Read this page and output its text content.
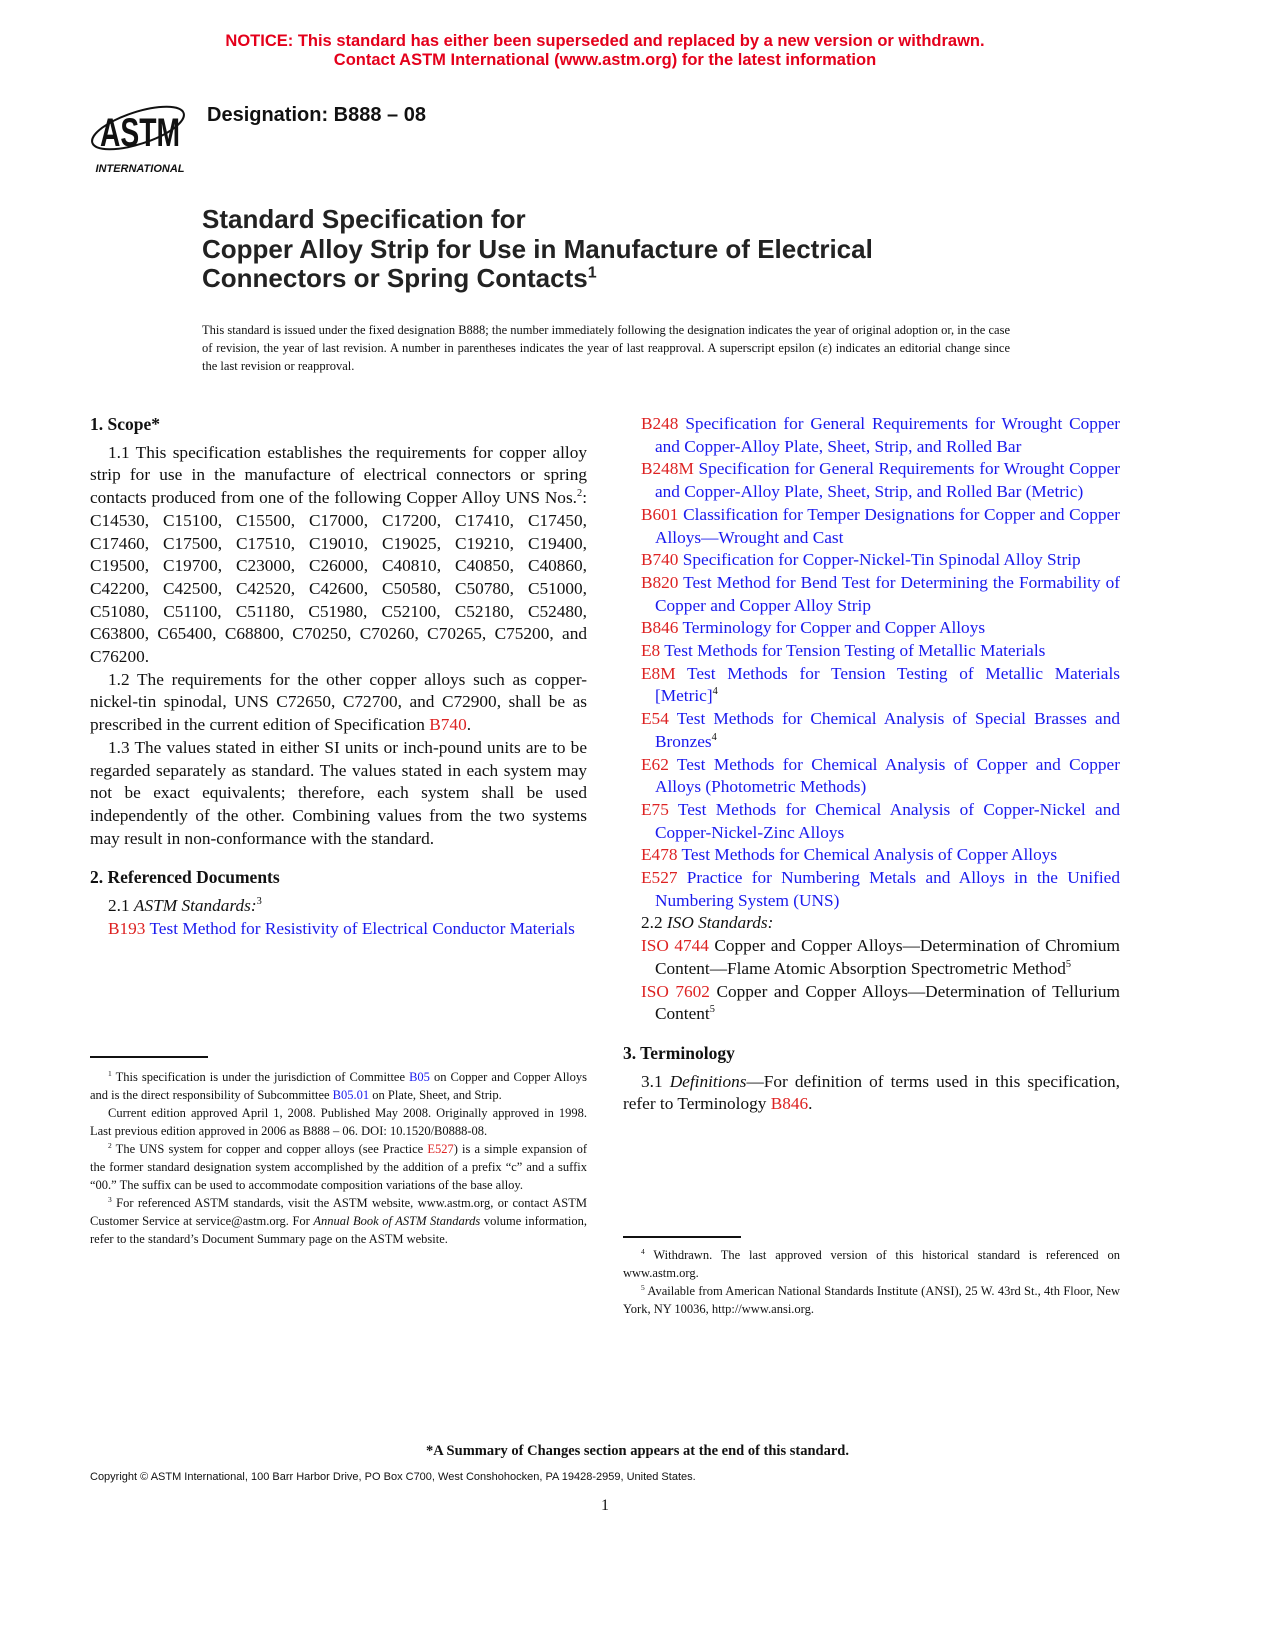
NOTICE: This standard has either been superseded and replaced by a new version or withdrawn.
Contact ASTM International (www.astm.org) for the latest information
ASTM
INTERNATIONAL
Designation: B888 – 08
Standard Specification for
Copper Alloy Strip for Use in Manufacture of Electrical
Connectors or Spring Contacts$^1$
This standard is issued under the fixed designation B888; the number immediately following the designation indicates the year of original adoption or, in the case of revision, the year of last revision. A number in parentheses indicates the year of last reapproval. A superscript epsilon (ε) indicates an editorial change since the last revision or reapproval.
1. Scope*

1.1 This specification establishes the requirements for copper alloy strip for use in the manufacture of electrical connectors or spring contacts produced from one of the following Copper Alloy UNS Nos.$^2$: C14530, C15100, C15500, C17000, C17200, C17410, C17450, C17460, C17500, C17510, C19010, C19025, C19210, C19400, C19500, C19700, C23000, C26000, C40810, C40850, C40860, C42200, C42500, C42520, C42600, C50580, C50780, C51000, C51080, C51100, C51180, C51980, C52100, C52180, C52480, C63800, C65400, C68800, C70250, C70260, C70265, C75200, and C76200.

1.2 The requirements for the other copper alloys such as copper-nickel-tin spinodal, UNS C72650, C72700, and C72900, shall be as prescribed in the current edition of Specification B740.

1.3 The values stated in either SI units or inch-pound units are to be regarded separately as standard. The values stated in each system may not be exact equivalents; therefore, each system shall be used independently of the other. Combining values from the two systems may result in non-conformance with the standard.

2. Referenced Documents

2.1 ASTM Standards:$^3$

B193 Test Method for Resistivity of Electrical Conductor Materials

B248 Specification for General Requirements for Wrought Copper and Copper-Alloy Plate, Sheet, Strip, and Rolled Bar

B248M Specification for General Requirements for Wrought Copper and Copper-Alloy Plate, Sheet, Strip, and Rolled Bar (Metric)

B601 Classification for Temper Designations for Copper and Copper Alloys—Wrought and Cast

B740 Specification for Copper-Nickel-Tin Spinodal Alloy Strip

B820 Test Method for Bend Test for Determining the Formability of Copper and Copper Alloy Strip

B846 Terminology for Copper and Copper Alloys

E8 Test Methods for Tension Testing of Metallic Materials

E8M Test Methods for Tension Testing of Metallic Materials [Metric]$^4$

E54 Test Methods for Chemical Analysis of Special Brasses and Bronzes$^4$

E62 Test Methods for Chemical Analysis of Copper and Copper Alloys (Photometric Methods)

E75 Test Methods for Chemical Analysis of Copper-Nickel and Copper-Nickel-Zinc Alloys

E478 Test Methods for Chemical Analysis of Copper Alloys

E527 Practice for Numbering Metals and Alloys in the Unified Numbering System (UNS)

2.2 ISO Standards:

ISO 4744 Copper and Copper Alloys—Determination of Chromium Content—Flame Atomic Absorption Spectrometric Method$^5$

ISO 7602 Copper and Copper Alloys—Determination of Tellurium Content$^5$

3. Terminology

3.1 Definitions—For definition of terms used in this specification, refer to Terminology B846.

$^1$ This specification is under the jurisdiction of Committee B05 on Copper and Copper Alloys and is the direct responsibility of Subcommittee B05.01 on Plate, Sheet, and Strip.

Current edition approved April 1, 2008. Published May 2008. Originally approved in 1998. Last previous edition approved in 2006 as B888 – 06. DOI: 10.1520/B0888-08.

$^2$ The UNS system for copper and copper alloys (see Practice E527) is a simple expansion of the former standard designation system accomplished by the addition of a prefix “c” and a suffix “00.” The suffix can be used to accommodate composition variations of the base alloy.

$^3$ For referenced ASTM standards, visit the ASTM website, www.astm.org, or contact ASTM Customer Service at service@astm.org. For Annual Book of ASTM Standards volume information, refer to the standard’s Document Summary page on the ASTM website.

$^4$ Withdrawn. The last approved version of this historical standard is referenced on www.astm.org.

$^5$ Available from American National Standards Institute (ANSI), 25 W. 43rd St., 4th Floor, New York, NY 10036, http://www.ansi.org.

*A Summary of Changes section appears at the end of this standard.
Copyright © ASTM International, 100 Barr Harbor Drive, PO Box C700, West Conshohocken, PA 19428-2959, United States.
1
